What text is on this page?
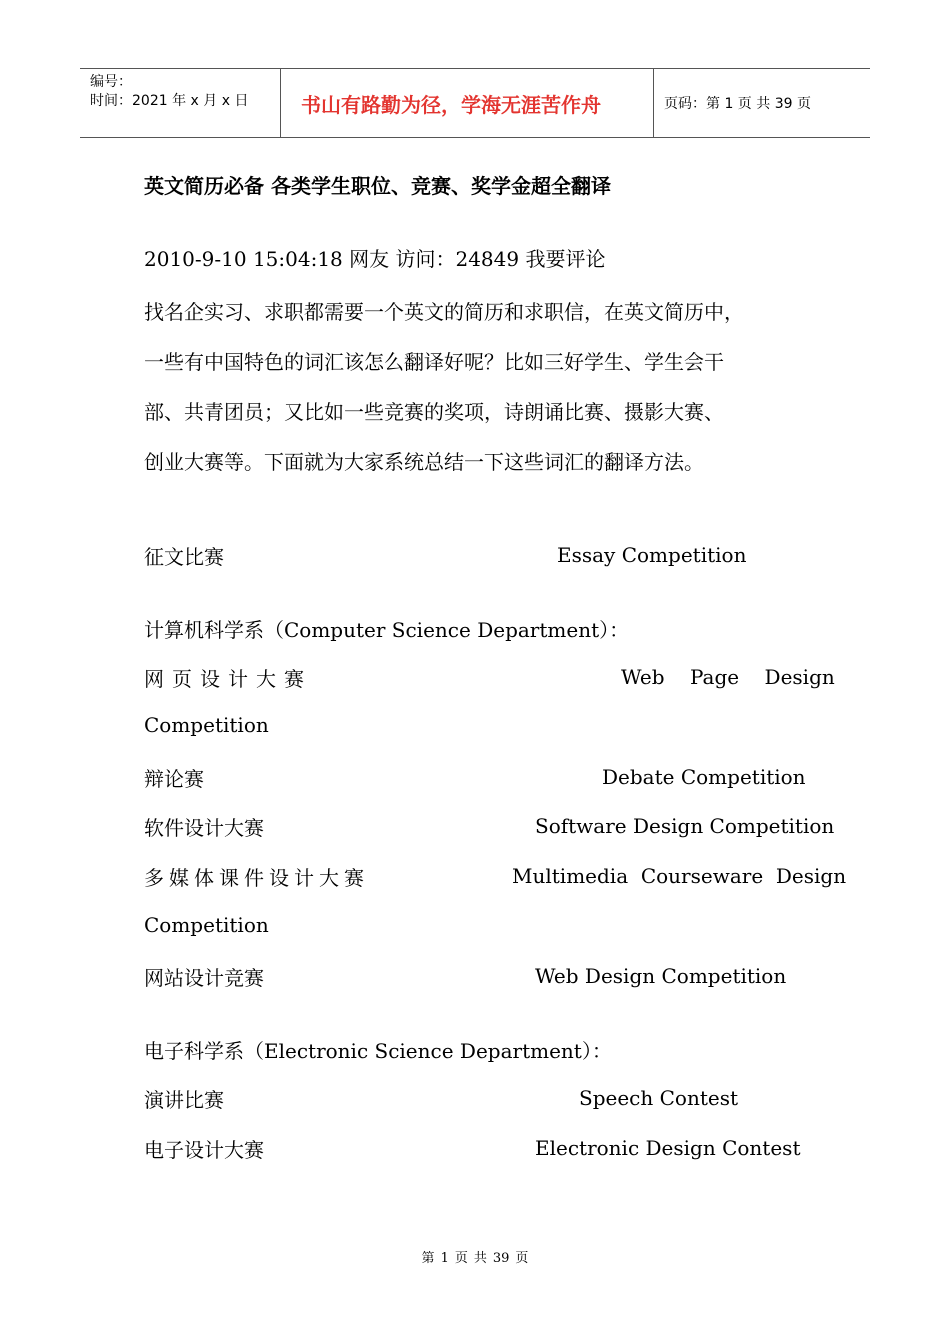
编号：
时间：2021 年 x 月 x 日	书山有路勤为径，学海无涯苦作舟	页码：第 1 页 共 39 页
英文简历必备 各类学生职位、竞赛、奖学金超全翻译
2010-9-10 15:04:18 网友 访问：24849 我要评论

找名企实习、求职都需要一个英文的简历和求职信，在英文简历中，

一些有中国特色的词汇该怎么翻译好呢？比如三好学生、学生会干

部、共青团员；又比如一些竞赛的奖项，诗朗诵比赛、摄影大赛、

创业大赛等。下面就为大家系统总结一下这些词汇的翻译方法。

征文比赛	Essay Competition
计算机科学系（Computer Science Department）：
网页设计大赛	Web    Page    Design
Competition
辩论赛	Debate Competition
软件设计大赛	Software Design Competition
多媒体课件设计大赛	Multimedia  Courseware  Design
Competition
网站设计竞赛	Web Design Competition
电子科学系（Electronic Science Department）：
演讲比赛	Speech Contest
电子设计大赛	Electronic Design Contest
第 1 页 共 39 页
